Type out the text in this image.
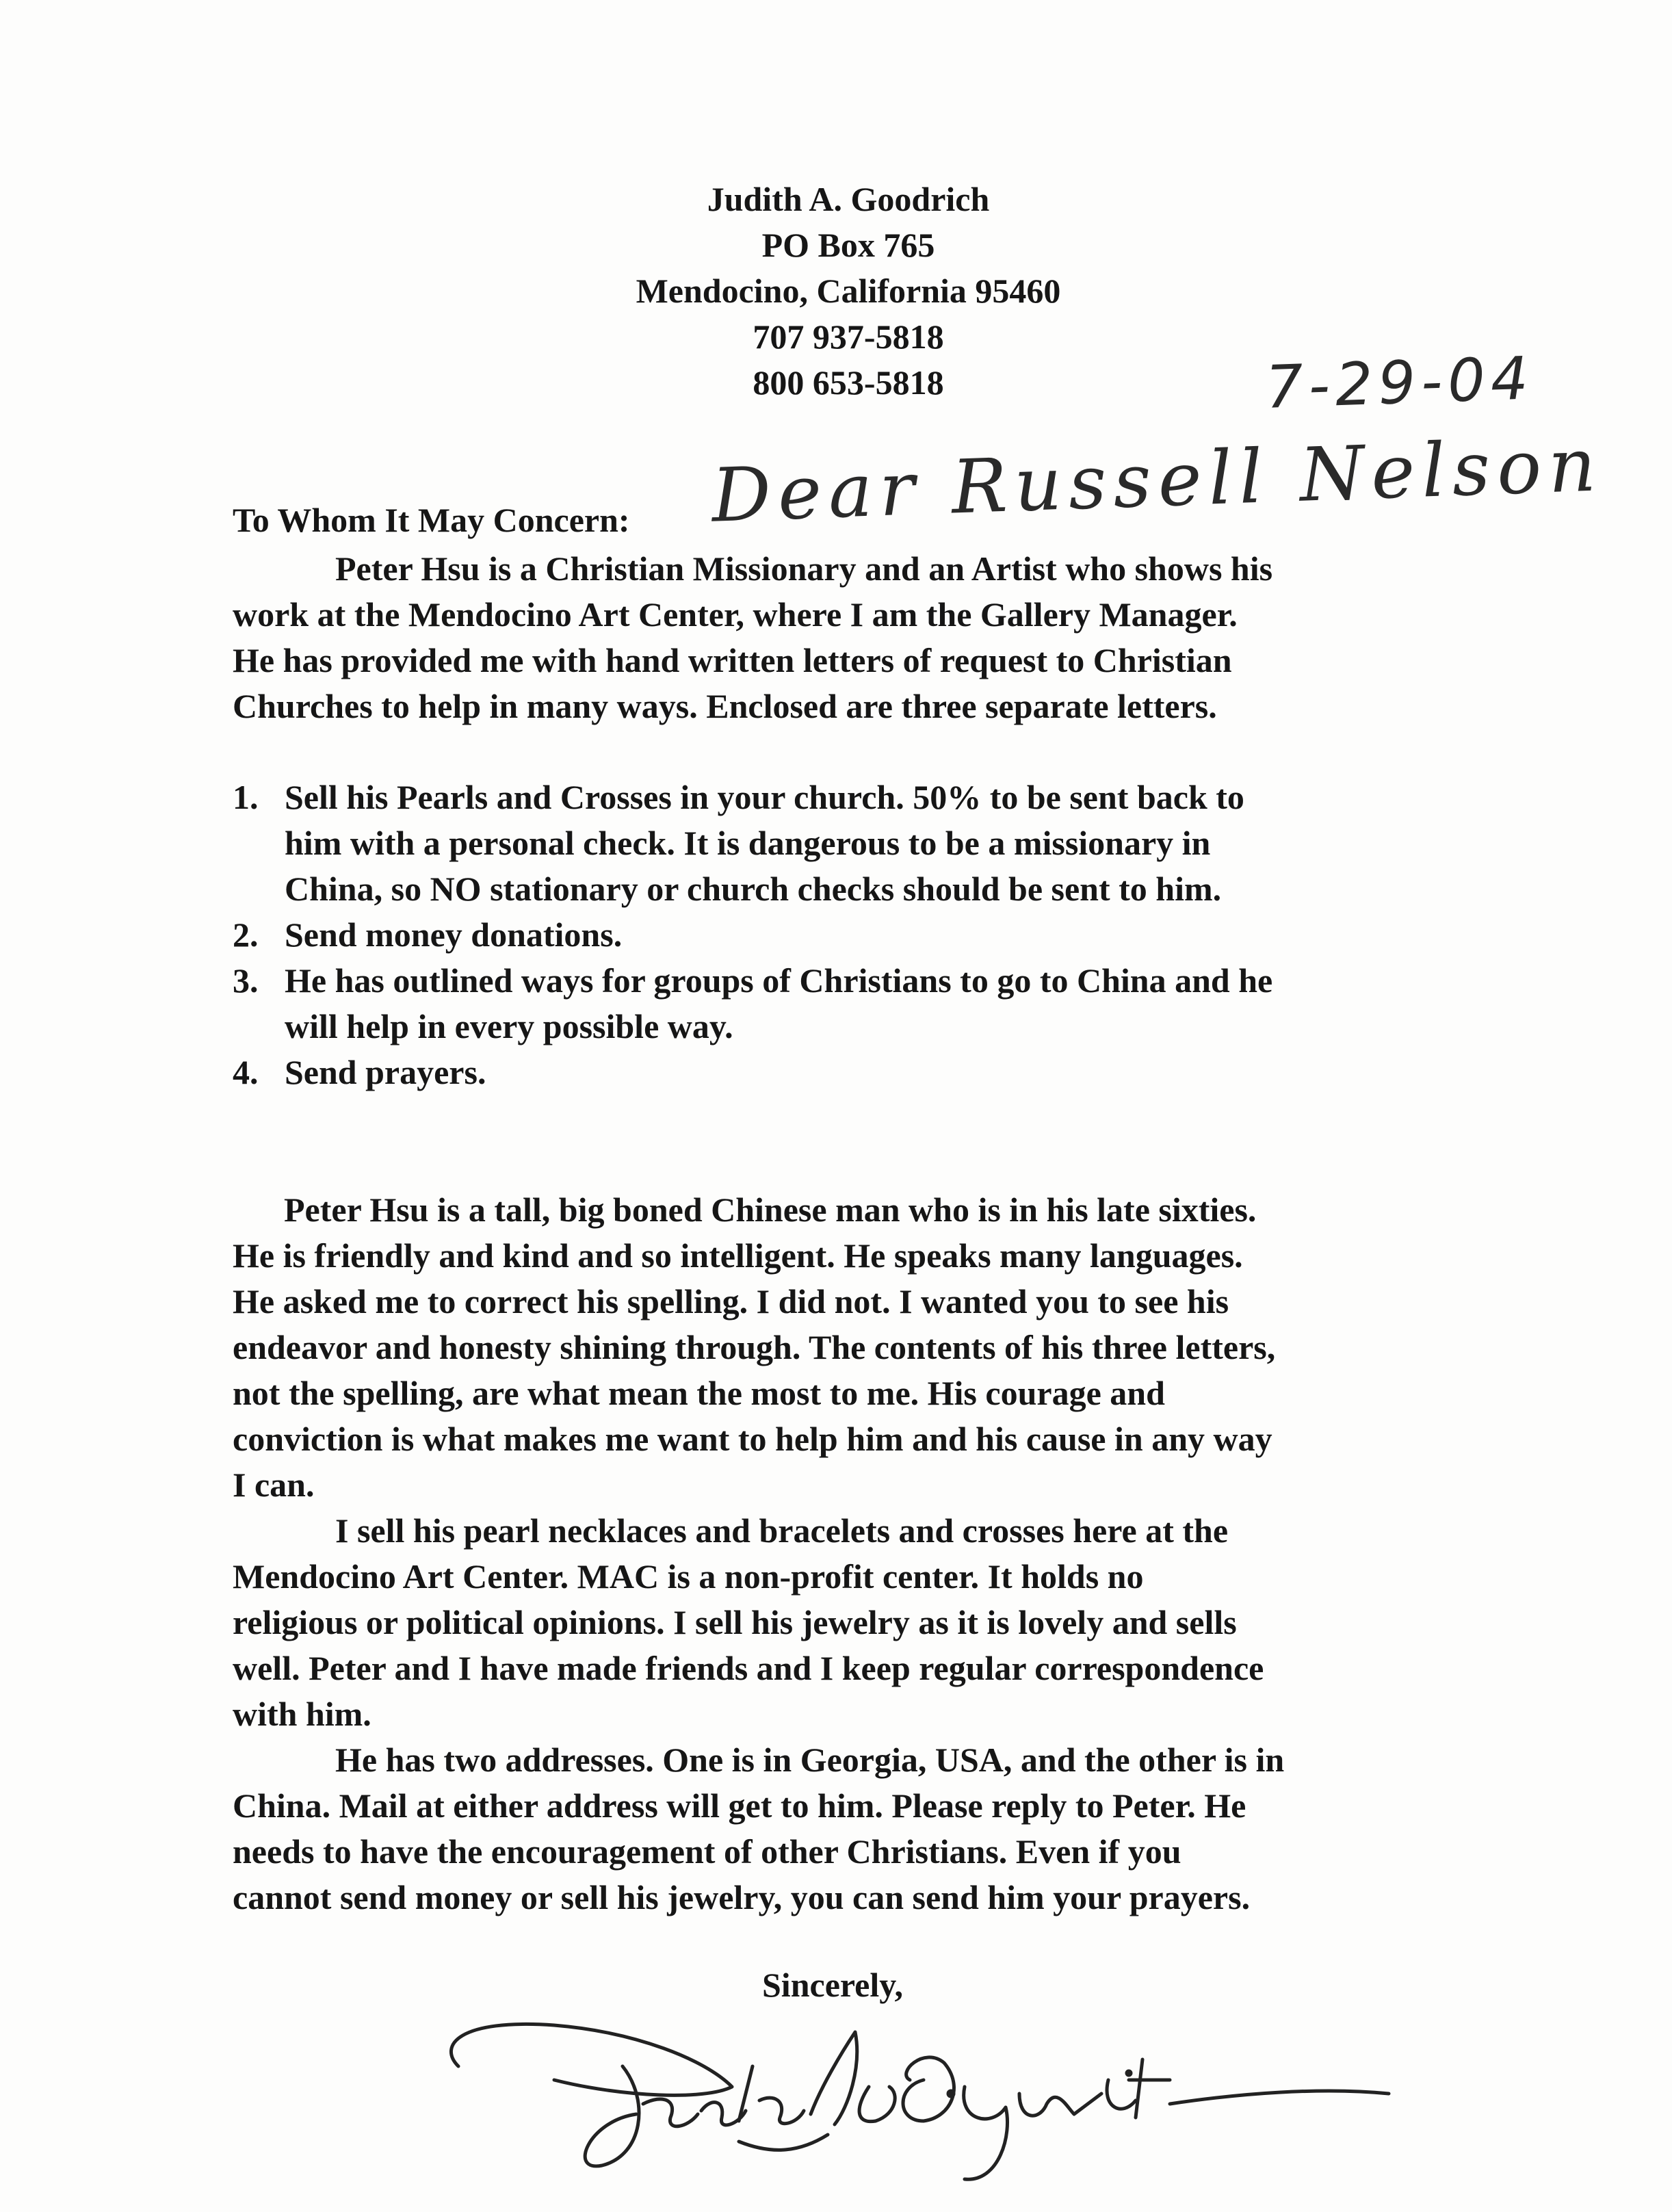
Judith A. Goodrich
PO Box 765
Mendocino, California 95460
707 937-5818
800 653-5818	7-29-04
Dear Russell Nelson
To Whom It May Concern:
Peter Hsu is a Christian Missionary and an Artist who shows his
work at the Mendocino Art Center, where I am the Gallery Manager.
He has provided me with hand written letters of request to Christian
Churches to help in many ways. Enclosed are three separate letters.
1. Sell his Pearls and Crosses in your church. 50% to be sent back to
him with a personal check. It is dangerous to be a missionary in
China, so NO stationary or church checks should be sent to him.
2. Send money donations.
3. He has outlined ways for groups of Christians to go to China and he
will help in every possible way.
4. Send prayers.
Peter Hsu is a tall, big boned Chinese man who is in his late sixties.
He is friendly and kind and so intelligent. He speaks many languages.
He asked me to correct his spelling. I did not. I wanted you to see his
endeavor and honesty shining through. The contents of his three letters,
not the spelling, are what mean the most to me. His courage and
conviction is what makes me want to help him and his cause in any way
I can.
I sell his pearl necklaces and bracelets and crosses here at the
Mendocino Art Center. MAC is a non-profit center. It holds no
religious or political opinions. I sell his jewelry as it is lovely and sells
well. Peter and I have made friends and I keep regular correspondence
with him.
He has two addresses. One is in Georgia, USA, and the other is in
China. Mail at either address will get to him. Please reply to Peter. He
needs to have the encouragement of other Christians. Even if you
cannot send money or sell his jewelry, you can send him your prayers.
Sincerely,
